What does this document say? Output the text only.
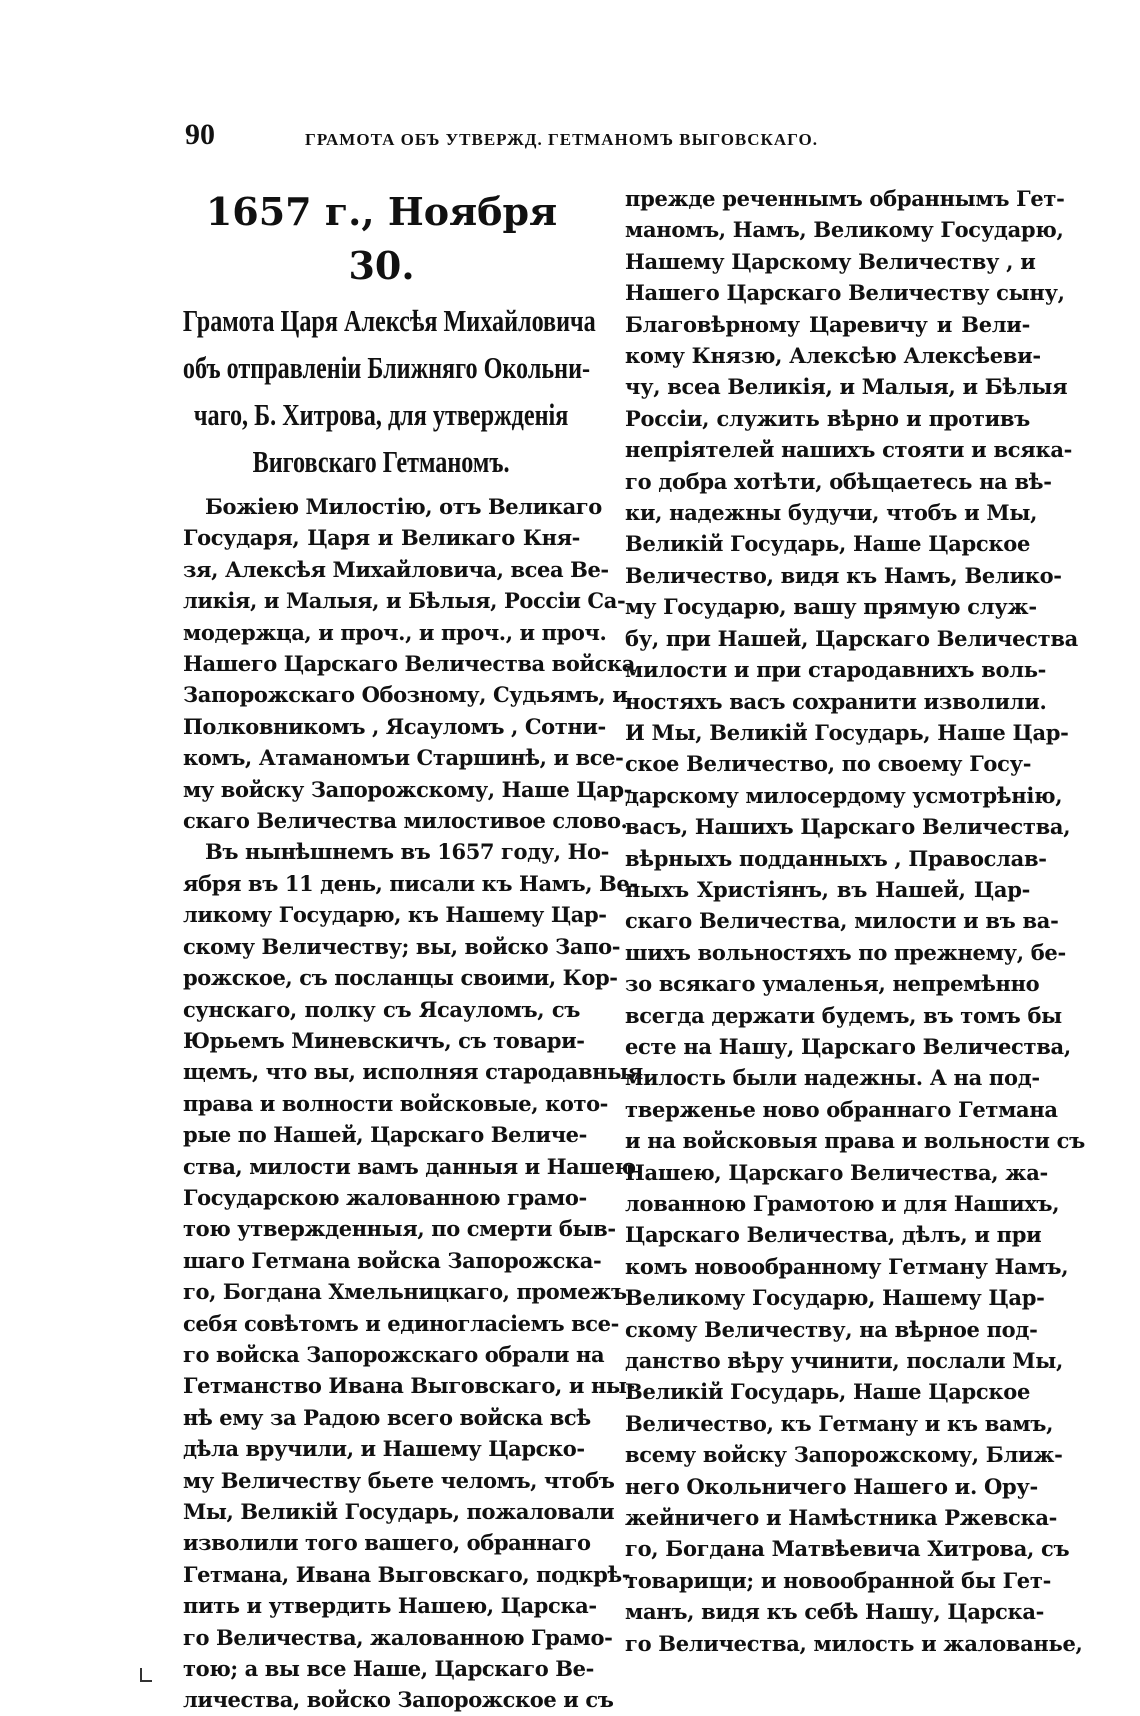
90	ГРАМОТА ОБЪ УТВЕРЖД. ГЕТМАНОМЪ ВЫГОВСКАГО.
1657 г., Ноября 30.
Грамота Царя Алексѣя Михайловича
объ отправленіи Ближняго Окольни-
чаго, Б. Хитрова, для утвержденія
Виговскаго Гетманомъ.
Божіею Милостію, отъ Великаго
Государя, Царя и Великаго Кня-
зя, Алексѣя Михайловича, всеа Ве-
ликія, и Малыя, и Бѣлыя, Россіи Са-
модержца, и проч., и проч., и проч.
Нашего Царскаго Величества войска
Запорожскаго Обозному, Судьямъ, и
Полковникомъ , Ясауломъ , Сотни-
комъ, Атаманомъи Старшинѣ, и все-
му войску Запорожскому, Наше Цар-
скаго Величества милостивое слово.
Въ нынѣшнемъ въ 1657 году, Но-
ября въ 11 день, писали къ Намъ, Ве-
ликому Государю, къ Нашему Цар-
скому Величеству; вы, войско Запо-
рожское, съ посланцы своими, Кор-
сунскаго, полку съ Ясауломъ, съ
Юрьемъ Миневскичъ, съ товари-
щемъ, что вы, исполняя стародавныя
права и волности войсковые, кото-
рые по Нашей, Царскаго Величе-
ства, милости вамъ данныя и Нашею
Государскою жалованною грамо-
тою утвержденныя, по смерти быв-
шаго Гетмана войска Запорожска-
го, Богдана Хмельницкаго, промежъ
себя совѣтомъ и единогласіемъ все-
го войска Запорожскаго обрали на
Гетманство Ивана Выговскаго, и ны-
нѣ ему за Радою всего войска всѣ
дѣла вручили, и Нашему Царско-
му Величеству бьете челомъ, чтобъ
Мы, Великій Государь, пожаловали
изволили того вашего, обраннаго
Гетмана, Ивана Выговскаго, подкрѣ-
пить и утвердить Нашею, Царска-
го Величества, жалованною Грамо-
тою; а вы все Наше, Царскаго Ве-
личества, войско Запорожское и съ
прежде реченнымъ обраннымъ Гет-
маномъ, Намъ, Великому Государю,
Нашему Царскому Величеству , и
Нашего Царскаго Величеству сыну,
Благовѣрному Царевичу и Вели-
кому Князю, Алексѣю Алексѣеви-
чу, всеа Великія, и Малыя, и Бѣлыя
Россіи, служить вѣрно и противъ
непріятелей нашихъ стояти и всяка-
го добра хотѣти, обѣщаетесь на вѣ-
ки, надежны будучи, чтобъ и Мы,
Великій Государь, Наше Царское
Величество, видя къ Намъ, Велико-
му Государю, вашу прямую служ-
бу, при Нашей, Царскаго Величества
милости и при стародавнихъ воль-
ностяхъ васъ сохранити изволили.
И Мы, Великій Государь, Наше Цар-
ское Величество, по своему Госу-
дарскому милосердому усмотрѣнію,
васъ, Нашихъ Царскаго Величества,
вѣрныхъ подданныхъ , Православ-
ныхъ Христіянъ, въ Нашей, Цар-
скаго Величества, милости и въ ва-
шихъ вольностяхъ по прежнему, бе-
зо всякаго умаленья, непремѣнно
всегда держати будемъ, въ томъ бы
есте на Нашу, Царскаго Величества,
милость были надежны. А на под-
тверженье ново обраннаго Гетмана
и на войсковыя права и вольности съ
Нашею, Царскаго Величества, жа-
лованною Грамотою и для Нашихъ,
Царскаго Величества, дѣлъ, и при
комъ новообранному Гетману Намъ,
Великому Государю, Нашему Цар-
скому Величеству, на вѣрное под-
данство вѣру учинити, послали Мы,
Великій Государь, Наше Царское
Величество, къ Гетману и къ вамъ,
всему войску Запорожскому, Ближ-
него Окольничего Нашего и. Ору-
жейничего и Намѣстника Ржевска-
го, Богдана Матвѣевича Хитрова, съ
товарищи; и новообранной бы Гет-
манъ, видя къ себѣ Нашу, Царска-
го Величества, милость и жалованье,
